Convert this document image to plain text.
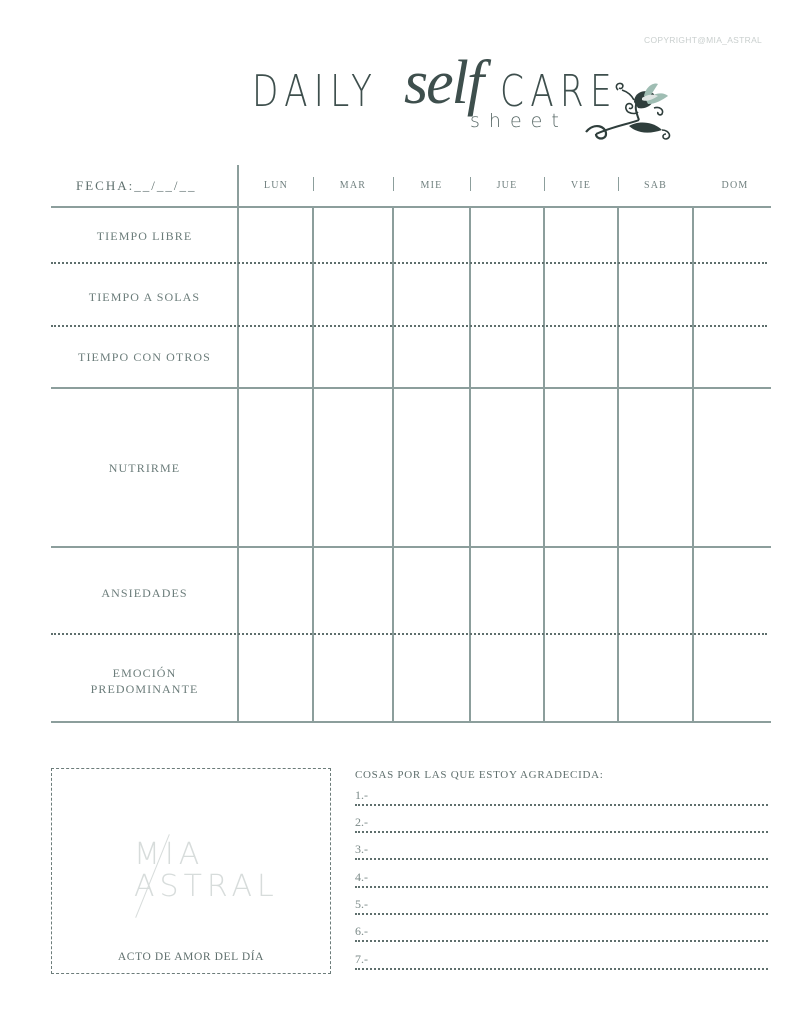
COPYRIGHT@MIA_ASTRAL
DAILY self CARE
sheet
FECHA:__/__/__	LUN	MAR	MIE	JUE	VIE	SAB	DOM
TIEMPO LIBRE
TIEMPO A SOLAS
TIEMPO CON OTROS
NUTRIRME
ANSIEDADES
EMOCIÓN
PREDOMINANTE
MIA
ASTRAL
ACTO DE AMOR DEL DÍA
COSAS POR LAS QUE ESTOY AGRADECIDA:
1.-
2.-
3.-
4.-
5.-
6.-
7.-
